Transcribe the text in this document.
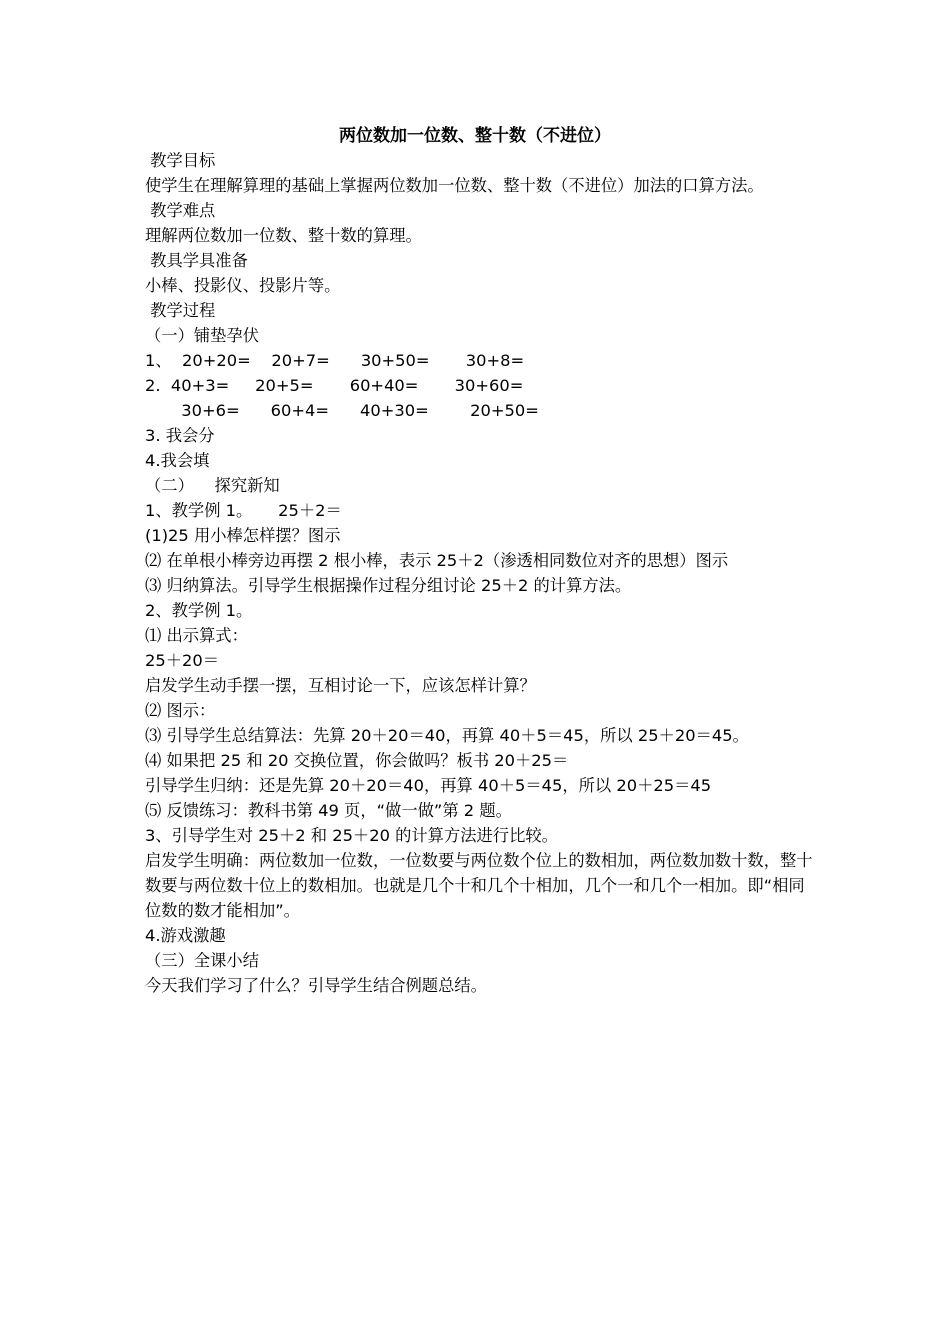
两位数加一位数、整十数（不进位）

教学目标

使学生在理解算理的基础上掌握两位数加一位数、整十数（不进位）加法的口算方法。

教学难点

理解两位数加一位数、整十数的算理。

教具学具准备

小棒、投影仪、投影片等。

教学过程

（一）铺垫孕伏

1、  20+20=    20+7=      30+50=       30+8=

2.  40+3=     20+5=       60+40=       30+60=

30+6=      60+4=      40+30=        20+50=

3. 我会分

4.我会填

（二）    探究新知

1、教学例 1。     25＋2＝

(1)25 用小棒怎样摆？图示

⑵ 在单根小棒旁边再摆 2 根小棒，表示 25＋2（渗透相同数位对齐的思想）图示

⑶ 归纳算法。引导学生根据操作过程分组讨论 25＋2 的计算方法。

2、教学例 1。

⑴ 出示算式：

25＋20＝

启发学生动手摆一摆，互相讨论一下，应该怎样计算？

⑵ 图示：

⑶ 引导学生总结算法：先算 20＋20＝40，再算 40＋5＝45，所以 25＋20＝45。

⑷ 如果把 25 和 20 交换位置，你会做吗？板书 20＋25＝

引导学生归纳：还是先算 20＋20＝40，再算 40＋5＝45，所以 20＋25＝45

⑸ 反馈练习：教科书第 49 页，“做一做”第 2 题。

3、引导学生对 25＋2 和 25＋20 的计算方法进行比较。

启发学生明确：两位数加一位数，一位数要与两位数个位上的数相加，两位数加数十数，整十数要与两位数十位上的数相加。也就是几个十和几个十相加，几个一和几个一相加。即“相同位数的数才能相加”。

4.游戏激趣

（三）全课小结

今天我们学习了什么？引导学生结合例题总结。
